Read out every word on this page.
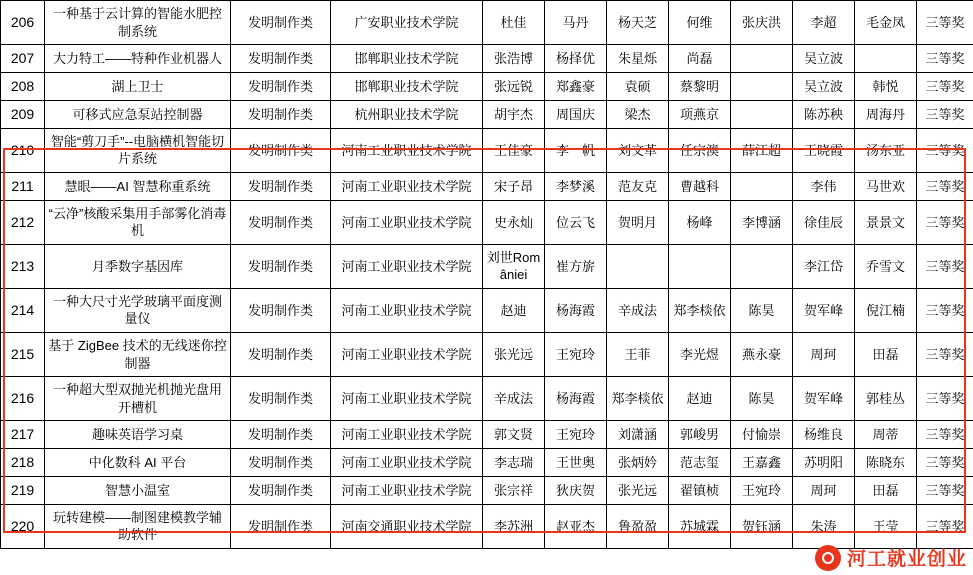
206	一种基于云计算的智能水肥控制系统	发明制作类	广安职业技术学院	杜佳	马丹	杨天芝	何维	张庆洪	李超	毛金凤	三等奖
207	大力特工——特种作业机器人	发明制作类	邯郸职业技术学院	张浩博	杨择优	朱星烁	尚磊		吴立波		三等奖
208	湖上卫士	发明制作类	邯郸职业技术学院	张远锐	郑鑫豪	袁硕	蔡黎明		吴立波	韩悦	三等奖
209	可移式应急泵站控制器	发明制作类	杭州职业技术学院	胡宇杰	周国庆	梁杰	项燕京		陈苏秧	周海丹	三等奖
210	智能“剪刀手”--电脑横机智能切片系统	发明制作类	河南工业职业技术学院	王佳豪	李一帆	刘文革	任宗澳	薛江超	王晓霞	汤东亚	三等奖
211	慧眼——AI 智慧称重系统	发明制作类	河南工业职业技术学院	宋子昂	李梦溪	范友克	曹越科		李伟	马世欢	三等奖
212	“云净”核酸采集用手部雾化消毒机	发明制作类	河南工业职业技术学院	史永灿	位云飞	贺明月	杨峰	李博涵	徐佳辰	景景文	三等奖
213	月季数字基因库	发明制作类	河南工业职业技术学院	刘世României	崔方旂				李江岱	乔雪文	三等奖
214	一种大尺寸光学玻璃平面度测量仪	发明制作类	河南工业职业技术学院	赵迪	杨海霞	辛成法	郑李棪依	陈昊	贺军峰	倪江楠	三等奖
215	基于 ZigBee 技术的无线迷你控制器	发明制作类	河南工业职业技术学院	张光远	王宛玲	王菲	李光煜	燕永豪	周珂	田磊	三等奖
216	一种超大型双抛光机抛光盘用开槽机	发明制作类	河南工业职业技术学院	辛成法	杨海霞	郑李棪依	赵迪	陈昊	贺军峰	郭桂丛	三等奖
217	趣味英语学习桌	发明制作类	河南工业职业技术学院	郭文贤	王宛玲	刘潇涵	郭峻男	付愉崇	杨维良	周蒂	三等奖
218	中化数科 AI 平台	发明制作类	河南工业职业技术学院	李志瑞	王世奥	张炳妗	范志玺	王嘉鑫	苏明阳	陈晓东	三等奖
219	智慧小温室	发明制作类	河南工业职业技术学院	张宗祥	狄庆贺	张光远	翟镇桢	王宛玲	周珂	田磊	三等奖
220	玩转建模——制图建模教学辅助软件	发明制作类	河南交通职业技术学院	李苏洲	赵亚杰	鲁盈盈	苏城霖	贺钰涵	朱涛	王莹	三等奖
河工就业创业
